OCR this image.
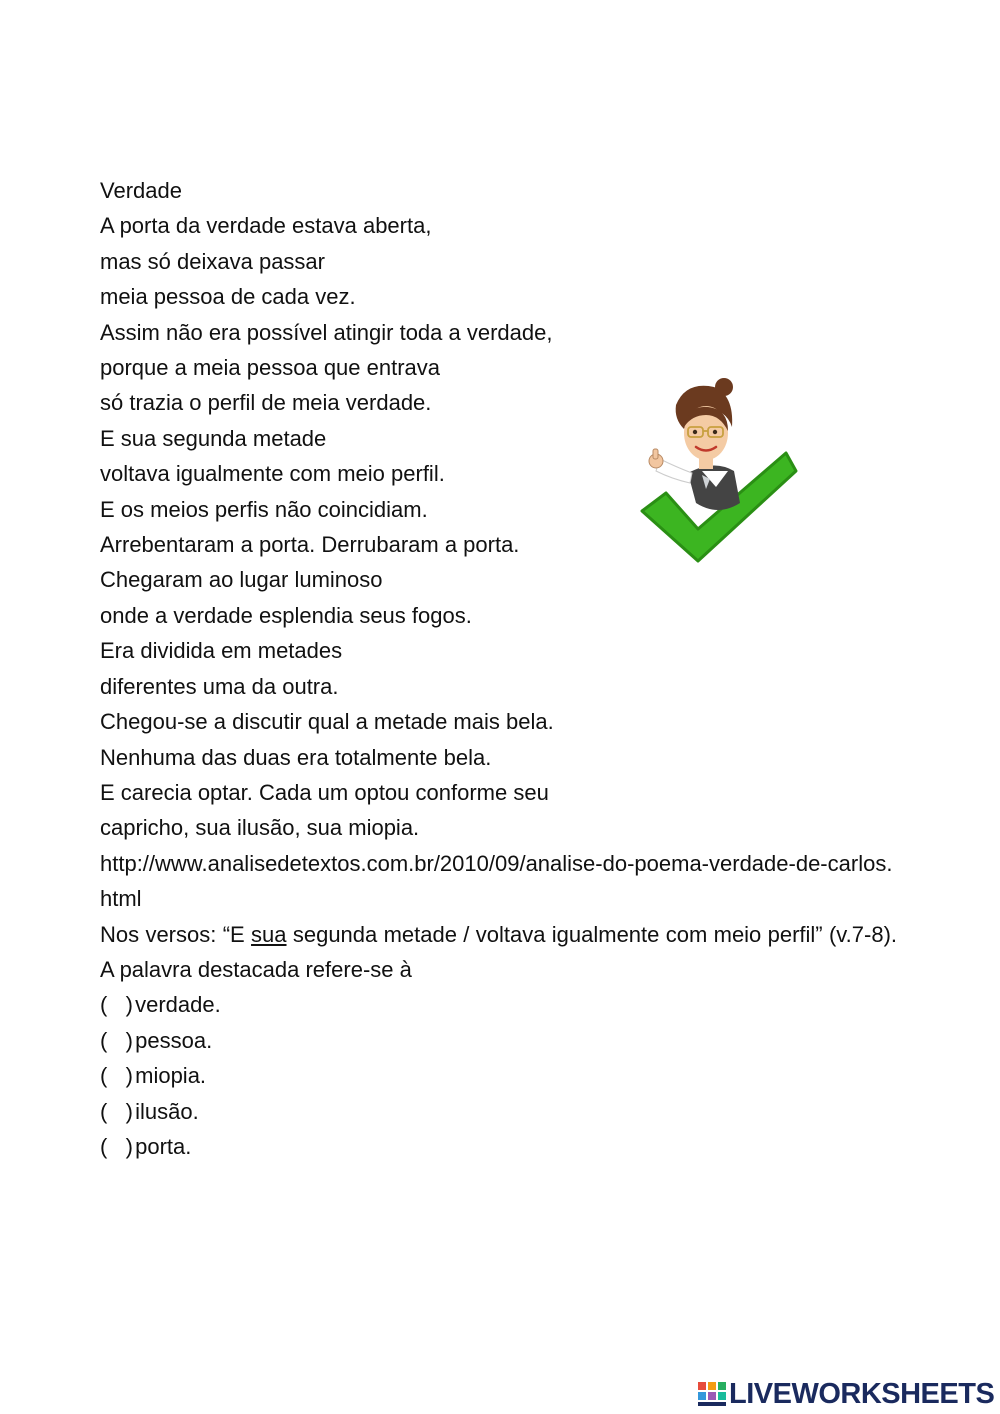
Verdade
A porta da verdade estava aberta,
mas só deixava passar
meia pessoa de cada vez.
Assim não era possível atingir toda a verdade,
porque a meia pessoa que entrava
só trazia o perfil de meia verdade.
E sua segunda metade
voltava igualmente com meio perfil.
E os meios perfis não coincidiam.
Arrebentaram a porta. Derrubaram a porta.
Chegaram ao lugar luminoso
onde a verdade esplendia seus fogos.
Era dividida em metades
diferentes uma da outra.
Chegou-se a discutir qual a metade mais bela.
Nenhuma das duas era totalmente bela.
E carecia optar. Cada um optou conforme seu
capricho, sua ilusão, sua miopia.
http://www.analisedetextos.com.br/2010/09/analise-do-poema-verdade-de-carlos.html
Nos versos: “E sua segunda metade / voltava igualmente com meio perfil” (v.7-8). A palavra destacada refere-se à
(   ) verdade.
(   ) pessoa.
(   ) miopia.
(   ) ilusão.
(   ) porta.
LIVEWORKSHEETS
